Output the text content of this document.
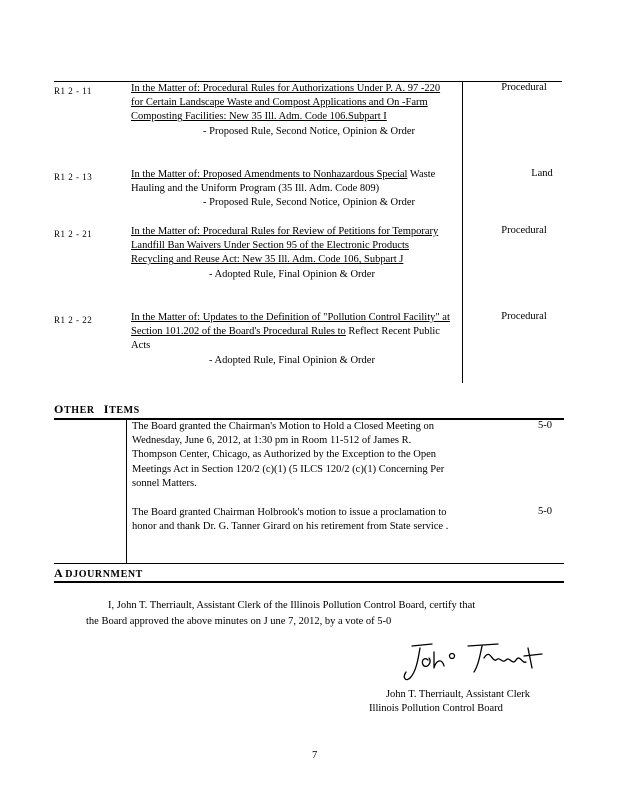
R1 2 - 11	In the Matter of: Procedural Rules for Authorizations Under P. A. 97 -220 for Certain Landscape Waste and Compost Applications and On -Farm Composting Facilities: New 35 Ill. Adm. Code 106.Subpart I
- Proposed Rule, Second Notice, Opinion & Order
Procedural
R1 2 - 13	In the Matter of: Proposed Amendments to Nonhazardous Special Waste Hauling and the Uniform Program (35 Ill. Adm. Code 809)
- Proposed Rule, Second Notice, Opinion & Order
Land
R1 2 - 21	In the Matter of: Procedural Rules for Review of Petitions for Temporary Landfill Ban Waivers Under Section 95 of the Electronic Products Recycling and Reuse Act: New 35 Ill. Adm. Code 106, Subpart J
- Adopted Rule, Final Opinion & Order
Procedural
R1 2 - 22	In the Matter of: Updates to the Definition of "Pollution Control Facility" at Section 101.202 of the Board's Procedural Rules to Reflect Recent Public Acts
- Adopted Rule, Final Opinion & Order
Procedural
OTHER ITEMS
The Board granted the Chairman's Motion to Hold a Closed Meeting on Wednesday, June 6, 2012, at 1:30 pm in Room 11-512 of James R. Thompson Center, Chicago, as Authorized by the Exception to the Open Meetings Act in Section 120/2 (c)(1) (5 ILCS 120/2 (c)(1) Concerning Per sonnel Matters.
5-0
The Board granted Chairman Holbrook's motion to issue a proclamation to honor and thank Dr. G. Tanner Girard on his retirement from State service .
5-0
A DJOURNMENT
I, John T. Therriault, Assistant Clerk of the Illinois Pollution Control Board, certify that
the Board approved the above minutes on J une 7, 2012, by a vote of 5-0
John T. Therriault, Assistant Clerk
Illinois Pollution Control Board
7
